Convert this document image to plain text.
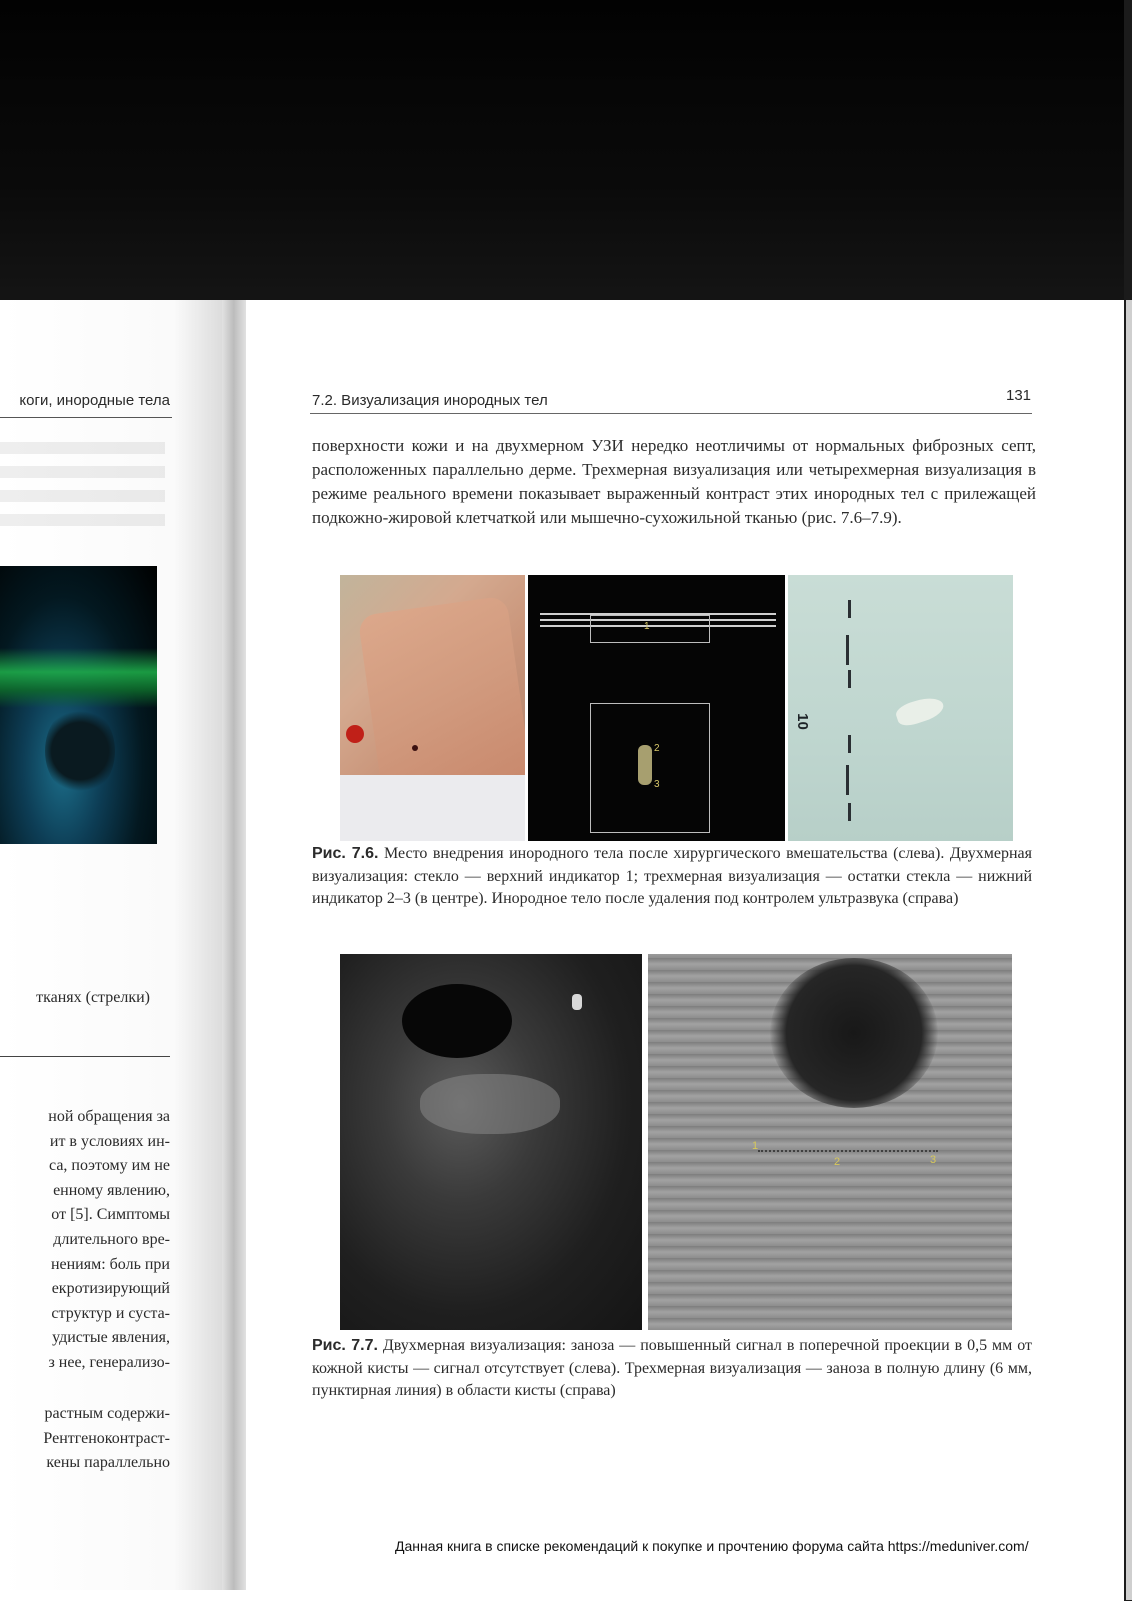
коги, инородные тела
тканях (стрелки)
ной обращения за
ит в условиях ин-
са, поэтому им не
енному явлению,
от [5]. Симптомы
длительного вре-
нениям: боль при
екротизирующий
структур и суста-
удистые явления,
з нее, генерализо-
растным содержи-
Рентгеноконтраст-
кены параллельно
7.2. Визуализация инородных тел	131

поверхности кожи и на двухмерном УЗИ нередко неотличимы от нормальных фиброзных септ, расположенных параллельно дерме. Трехмерная визуализация или четырехмерная визуализация в режиме реального времени показывает выраженный контраст этих инородных тел с прилежащей подкожно-жировой клетчаткой или мышечно-сухожильной тканью (рис. 7.6–7.9).

1
2
3
10
Рис. 7.6. Место внедрения инородного тела после хирургического вмешательства (слева). Двухмерная визуализация: стекло — верхний индикатор 1; трехмерная визуализация — остатки стекла — нижний индикатор 2–3 (в центре). Инородное тело после удаления под контролем ультразвука (справа)
1
2	3
Рис. 7.7. Двухмерная визуализация: заноза — повышенный сигнал в поперечной проекции в 0,5 мм от кожной кисты — сигнал отсутствует (слева). Трехмерная визуализация — заноза в полную длину (6 мм, пунктирная линия) в области кисты (справа)
Данная книга в списке рекомендаций к покупке и прочтению форума сайта https://meduniver.com/
